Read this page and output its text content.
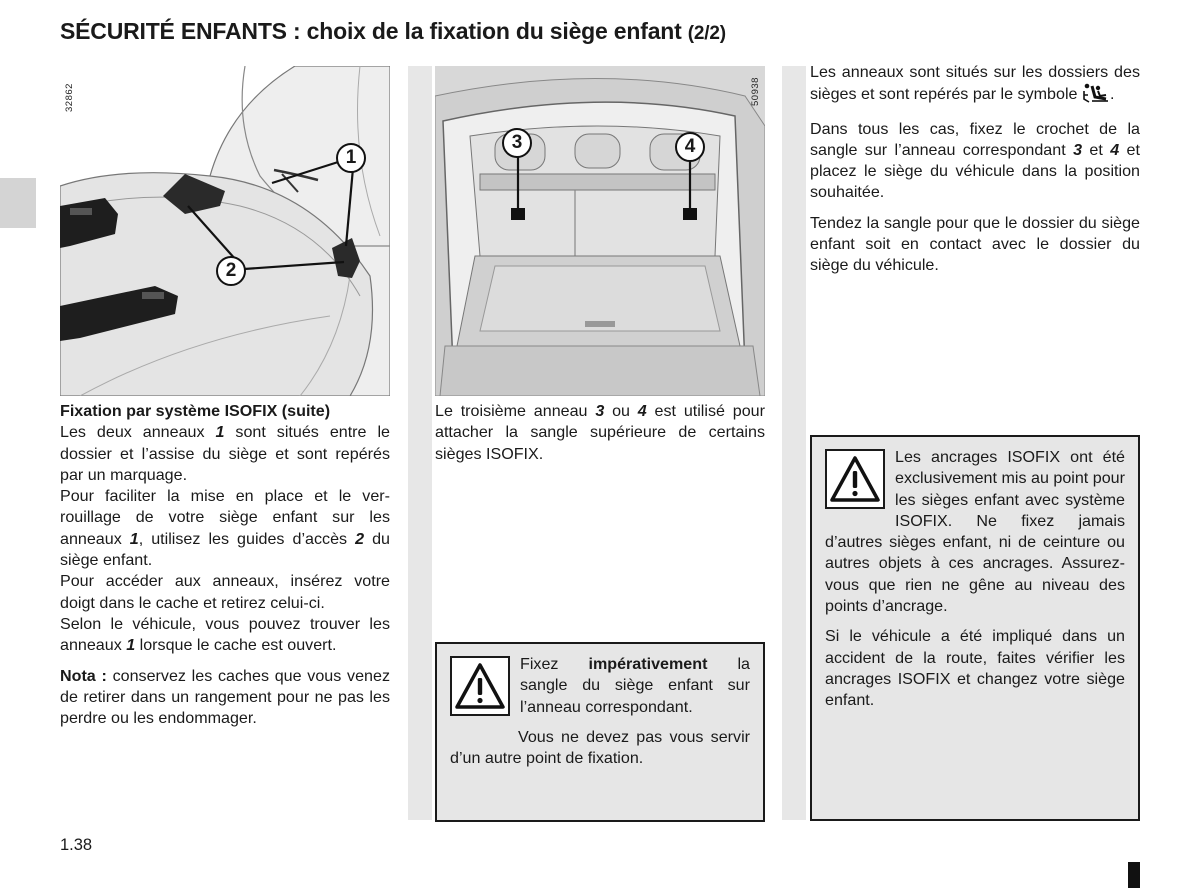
SÉCURITÉ ENFANTS : choix de la fixation du siège enfant (2/2)
32862
1
2
50938
3	4

Fixation par système ISOFIX (suite)

Les deux anneaux 1 sont situés entre le dossier et l’assise du siège et sont repérés par un marquage.

Pour faciliter la mise en place et le verrouillage de votre siège enfant sur les anneaux 1, utilisez les guides d’accès 2 du siège enfant.

Pour accéder aux anneaux, insérez votre doigt dans le cache et retirez celui-ci.

Selon le véhicule, vous pouvez trouver les anneaux 1 lorsque le cache est ouvert.

Nota : conservez les caches que vous venez de retirer dans un rangement pour ne pas les perdre ou les endommager.

Le troisième anneau 3 ou 4 est utilisé pour attacher la sangle supérieure de certains sièges ISOFIX.

Fixez impérativement la sangle du siège enfant sur l’anneau correspondant.

Vous ne devez pas vous servir d’un autre point de fixation.

Les anneaux sont situés sur les dossiers des sièges et sont repérés par le symbole .

Dans tous les cas, fixez le crochet de la sangle sur l’anneau correspondant 3 et 4 et placez le siège du véhicule dans la position souhaitée.

Tendez la sangle pour que le dossier du siège enfant soit en contact avec le dossier du siège du véhicule.

Les ancrages ISOFIX ont été exclusivement mis au point pour les sièges enfant avec système ISOFIX. Ne fixez jamais d’autres sièges enfant, ni de ceinture ou autres objets à ces ancrages. Assurez-vous que rien ne gêne au niveau des points d’ancrage.

Si le véhicule a été impliqué dans un accident de la route, faites vérifier les ancrages ISOFIX et changez votre siège enfant.

1.38
